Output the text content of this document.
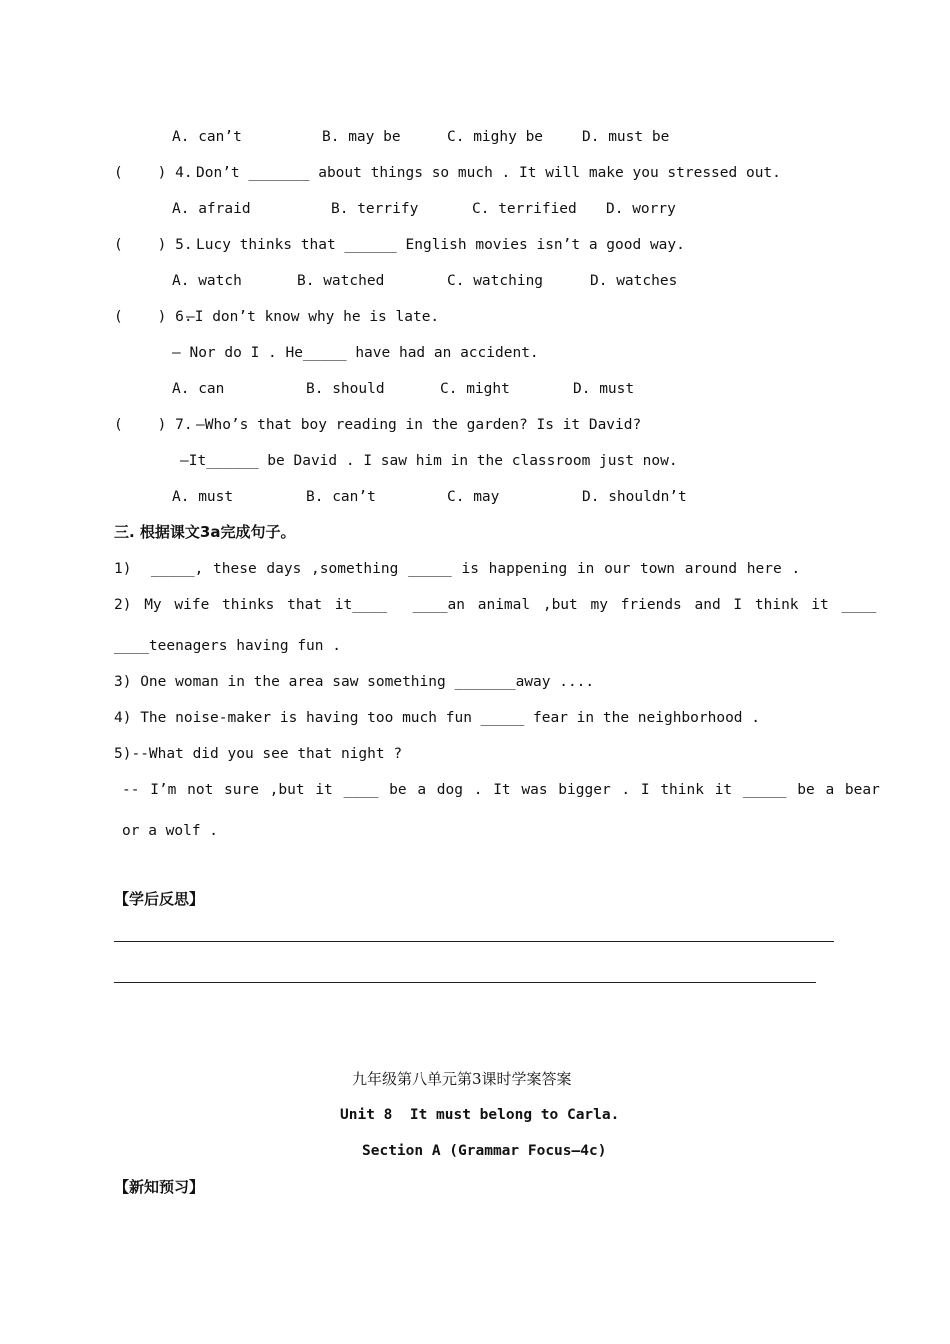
A. can’t	B. may be	C. mighy be	D. must be
(    ) 4. Don’t _______ about things so much . It will make you stressed out.
A. afraid	B. terrify	C. terrified D. worry
(    ) 5. Lucy thinks that ______ English movies isn’t a good way.
A. watch	B. watched	C. watching	D. watches
(    ) 6.
—I don’t know why he is late.
— Nor do I . He_____ have had an accident.
A. can	B. should	C. might	D. must
(    ) 7. —Who’s that boy reading in the garden? Is it David?
—It______ be David . I saw him in the classroom just now.
A. must	B. can’t	C. may	D. shouldn’t
三. 根据课文3a完成句子。
1)  _____, these days ,something _____ is happening in our town around here .
2) My wife thinks that it____  ____an animal ,but my friends and I think it ____
____teenagers having fun .
3) One woman in the area saw something _______away ....
4) The noise-maker is having too much fun _____ fear in the neighborhood .
5)--What did you see that night ?
-- I’m not sure ,but it ____ be a dog . It was bigger . I think it _____ be a bear
or a wolf .
【学后反思】
九年级第八单元第3课时学案答案
Unit 8  It must belong to Carla.
Section A (Grammar Focus—4c)
【新知预习】
